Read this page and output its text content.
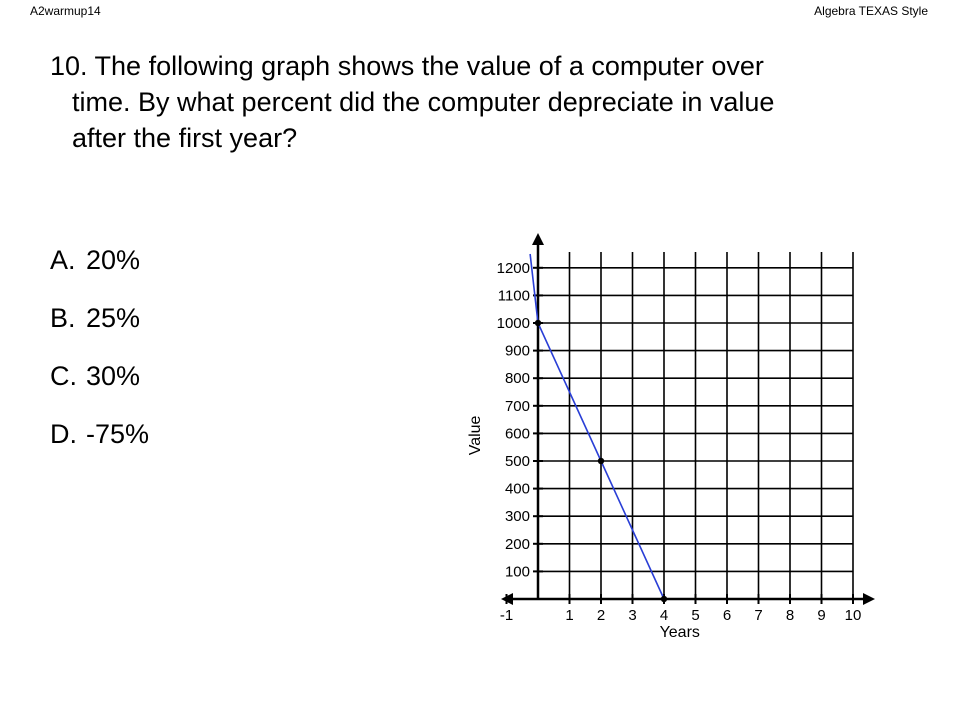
A2warmup14	Algebra TEXAS Style

10. The following graph shows the value of a computer over
time. By what percent did the computer depreciate in value
after the first year?

A. 20%
B. 25%
C. 30%
D. -75%
100
200
300
400
500
600
700
800
900
1000
1100
1200
-1	1 2 3 4 5 6 7 8 9 10
Years
Value
